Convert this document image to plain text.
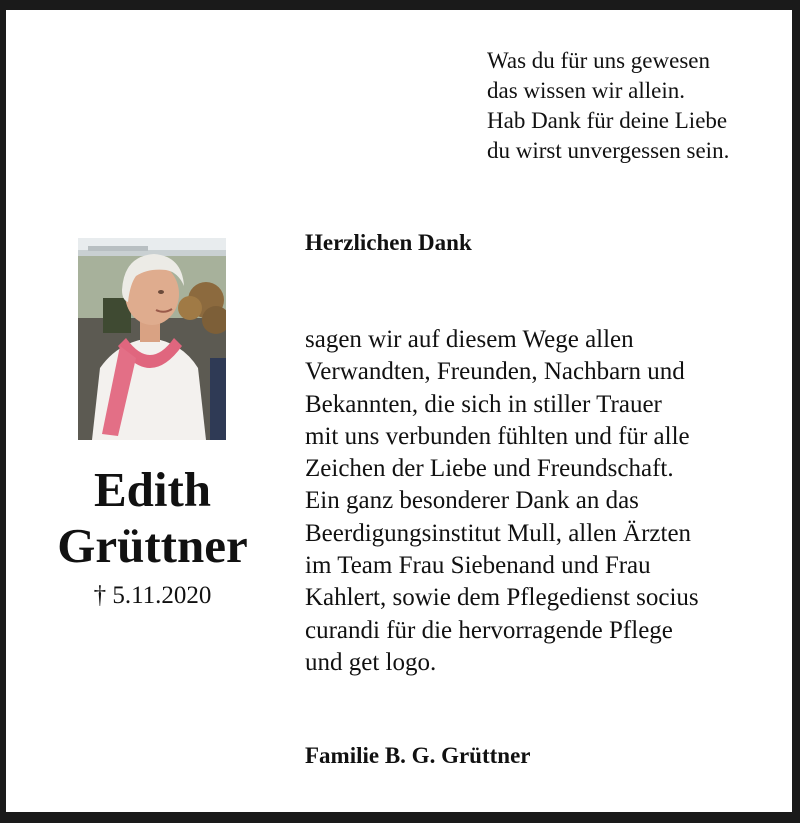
Was du für uns gewesen
das wissen wir allein.
Hab Dank für deine Liebe
du wirst unvergessen sein.
Edith
Grüttner
† 5.11.2020
Herzlichen Dank
sagen wir auf diesem Wege allen
Verwandten, Freunden, Nachbarn und
Bekannten, die sich in stiller Trauer
mit uns verbunden fühlten und für alle
Zeichen der Liebe und Freundschaft.
Ein ganz besonderer Dank an das
Beerdigungsinstitut Mull, allen Ärzten
im Team Frau Siebenand und Frau
Kahlert, sowie dem Pflegedienst socius
curandi für die hervorragende Pflege
und get logo.
Familie B. G. Grüttner
